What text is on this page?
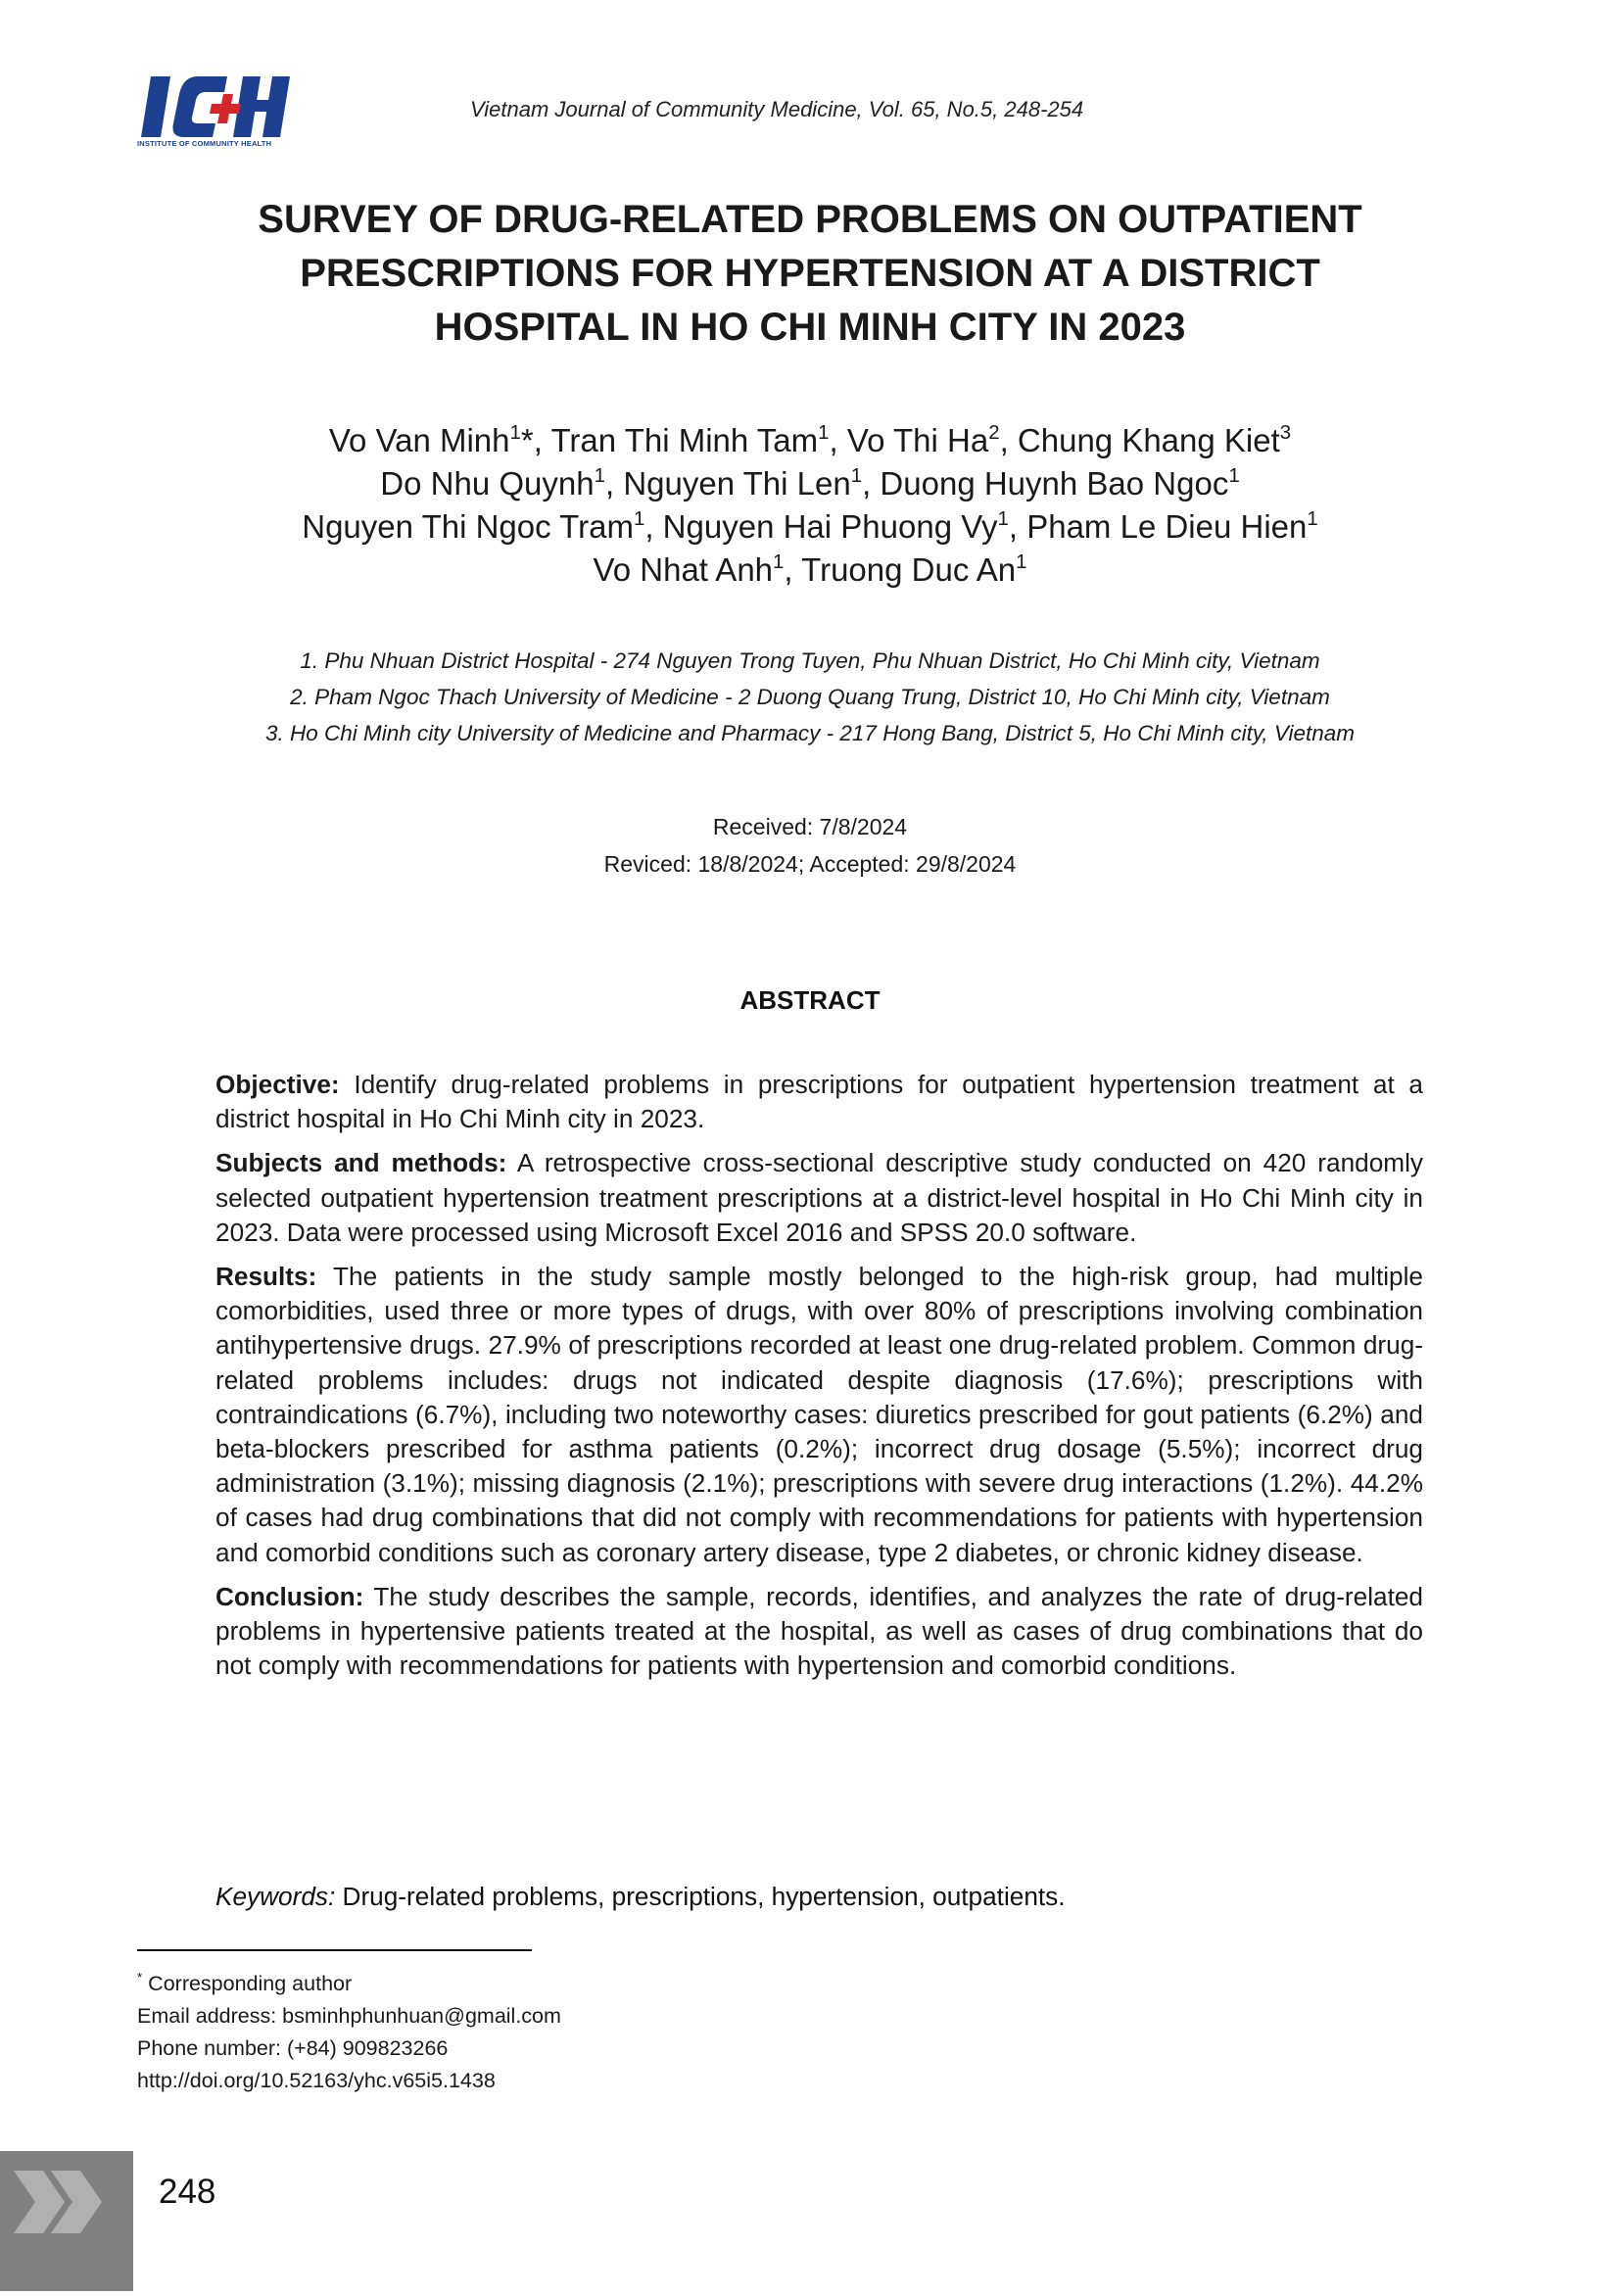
INSTITUTE OF COMMUNITY HEALTH
Vietnam Journal of Community Medicine, Vol. 65, No.5, 248-254
SURVEY OF DRUG-RELATED PROBLEMS ON OUTPATIENT
PRESCRIPTIONS FOR HYPERTENSION AT A DISTRICT
HOSPITAL IN HO CHI MINH CITY IN 2023
Vo Van Minh$^1$*, Tran Thi Minh Tam$^1$, Vo Thi Ha$^2$, Chung Khang Kiet$^3$
Do Nhu Quynh$^1$, Nguyen Thi Len$^1$, Duong Huynh Bao Ngoc$^1$
Nguyen Thi Ngoc Tram$^1$, Nguyen Hai Phuong Vy$^1$, Pham Le Dieu Hien$^1$
Vo Nhat Anh$^1$, Truong Duc An$^1$
1. Phu Nhuan District Hospital - 274 Nguyen Trong Tuyen, Phu Nhuan District, Ho Chi Minh city, Vietnam
2. Pham Ngoc Thach University of Medicine - 2 Duong Quang Trung, District 10, Ho Chi Minh city, Vietnam
3. Ho Chi Minh city University of Medicine and Pharmacy - 217 Hong Bang, District 5, Ho Chi Minh city, Vietnam
Received: 7/8/2024
Reviced: 18/8/2024; Accepted: 29/8/2024
ABSTRACT

Objective: Identify drug-related problems in prescriptions for outpatient hypertension treatment at a district hospital in Ho Chi Minh city in 2023.

Subjects and methods: A retrospective cross-sectional descriptive study conducted on 420 randomly selected outpatient hypertension treatment prescriptions at a district-level hospital in Ho Chi Minh city in 2023. Data were processed using Microsoft Excel 2016 and SPSS 20.0 software.

Results: The patients in the study sample mostly belonged to the high-risk group, had multiple comorbidities, used three or more types of drugs, with over 80% of prescriptions involving combination antihypertensive drugs. 27.9% of prescriptions recorded at least one drug-related problem. Common drug-related problems includes: drugs not indicated despite diagnosis (17.6%); prescriptions with contraindications (6.7%), including two noteworthy cases: diuretics prescribed for gout patients (6.2%) and beta-blockers prescribed for asthma patients (0.2%); incorrect drug dosage (5.5%); incorrect drug administration (3.1%); missing diagnosis (2.1%); prescriptions with severe drug interactions (1.2%). 44.2% of cases had drug combinations that did not comply with recommendations for patients with hypertension and comorbid conditions such as coronary artery disease, type 2 diabetes, or chronic kidney disease.

Conclusion: The study describes the sample, records, identifies, and analyzes the rate of drug-related problems in hypertensive patients treated at the hospital, as well as cases of drug combinations that do not comply with recommendations for patients with hypertension and comorbid conditions.

Keywords: Drug-related problems, prescriptions, hypertension, outpatients.
* Corresponding author
Email address: bsminhphunhuan@gmail.com
Phone number: (+84) 909823266
http://doi.org/10.52163/yhc.v65i5.1438
248
